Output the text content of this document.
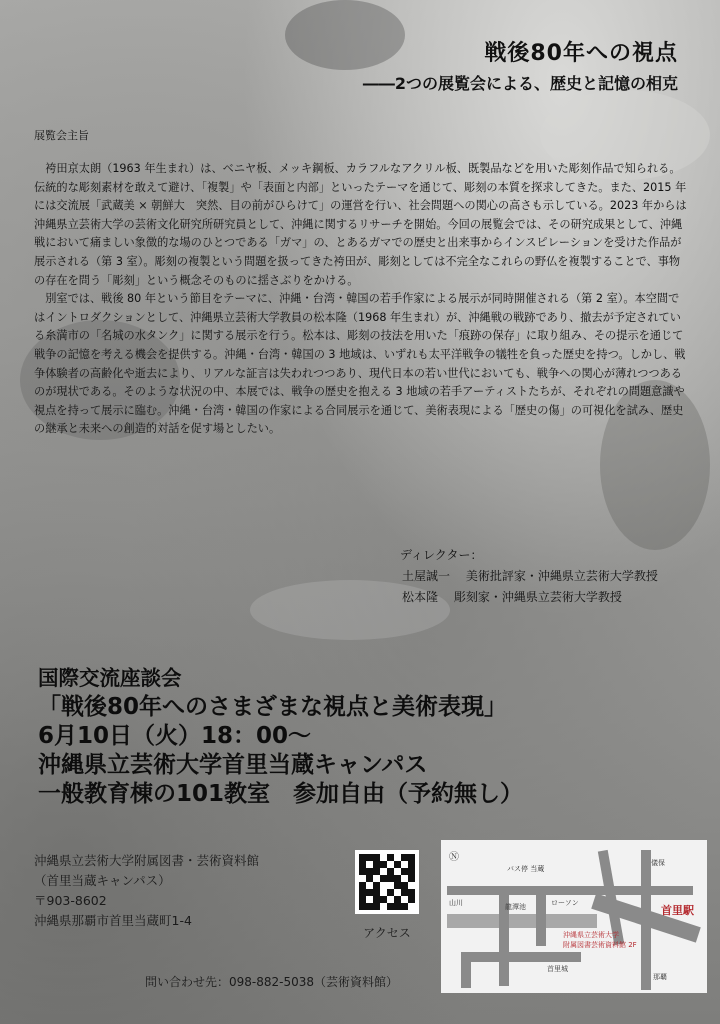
戦後80年への視点
――2つの展覧会による、歴史と記憶の相克
展覧会主旨

袴田京太朗（1963 年生まれ）は、ベニヤ板、メッキ鋼板、カラフルなアクリル板、既製品などを用いた彫刻作品で知られる。伝統的な彫刻素材を敢えて避け、「複製」や「表面と内部」といったテーマを通じて、彫刻の本質を探求してきた。また、2015 年には交流展「武蔵美 × 朝鮮大　突然、目の前がひらけて」の運営を行い、社会問題への関心の高さも示している。2023 年からは沖縄県立芸術大学の芸術文化研究所研究員として、沖縄に関するリサーチを開始。今回の展覧会では、その研究成果として、沖縄戦において痛ましい象徴的な場のひとつである「ガマ」の、とあるガマでの歴史と出来事からインスピレーションを受けた作品が展示される（第 3 室）。彫刻の複製という問題を扱ってきた袴田が、彫刻としては不完全なこれらの野仏を複製することで、事物の存在を問う「彫刻」という概念そのものに揺さぶりをかける。

別室では、戦後 80 年という節目をテーマに、沖縄・台湾・韓国の若手作家による展示が同時開催される（第 2 室）。本空間ではイントロダクションとして、沖縄県立芸術大学教員の松本隆（1968 年生まれ）が、沖縄戦の戦跡であり、撤去が予定されている糸満市の「名城の水タンク」に関する展示を行う。松本は、彫刻の技法を用いた「痕跡の保存」に取り組み、その提示を通じて戦争の記憶を考える機会を提供する。沖縄・台湾・韓国の 3 地域は、いずれも太平洋戦争の犠牲を負った歴史を持つ。しかし、戦争体験者の高齢化や逝去により、リアルな証言は失われつつあり、現代日本の若い世代においても、戦争への関心が薄れつつあるのが現状である。そのような状況の中、本展では、戦争の歴史を抱える 3 地域の若手アーティストたちが、それぞれの問題意識や視点を持って展示に臨む。沖縄・台湾・韓国の作家による合同展示を通じて、美術表現による「歴史の傷」の可視化を試み、歴史の継承と未来への創造的対話を促す場としたい。

ディレクター：
土屋誠一　 美術批評家・沖縄県立芸術大学教授
松本隆　 彫刻家・沖縄県立芸術大学教授
国際交流座談会
「戦後80年へのさまざまな視点と美術表現」
6月10日（火）18：00～
沖縄県立芸術大学首里当蔵キャンパス
一般教育棟の101教室　参加自由（予約無し）
沖縄県立芸術大学附属図書・芸術資料館
（首里当蔵キャンパス）
〒903-8602
沖縄県那覇市首里当蔵町1-4
アクセス
Ⓝ
バス停 当蔵
ローソン
龍潭池
首里城
山川
儀保
那覇
首里駅
沖縄県立芸術大学
附属図書芸術資料館 2F
問い合わせ先：098-882-5038（芸術資料館）
